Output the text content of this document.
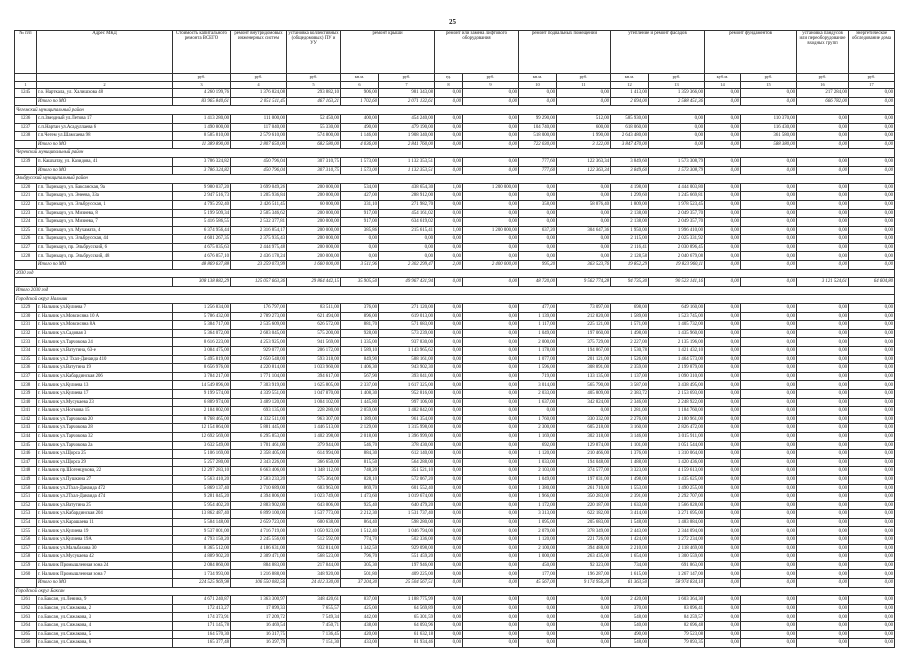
25
№ п/п	Адрес МКД	Стоимость капитального ремонта ВСЕГО	ремонт внутридомовых инженерных систем	установка коллективных (общедомовых) ПУ и УУ	ремонт крыши		ремонт или замена лифтового оборудования		ремонт подвальных помещений		утепление и ремонт фасадов		ремонт фундаментов		установка пандусов или переоборудование входных групп	энергетическое обследование дома
		руб.	руб.	руб.	кв.м.	руб.	ед.	руб.	кв.м.	руб.	кв.м.	руб.	куб.м.	руб.	руб.	руб.
1	2	3	4	5	6	7	8	9	10	11	12	13	14	15	16	17
1245	г.о. Нарткала, ул. Халишхова 48	4 260 199,76	1 376 824,08	293 882,10	906,00	981 343,08	0,00	0,00	0,00	0,00	1 413,00	1 359 366,00	0,00	0,00	217 284,00	0,00
	Итого по МО	83 965 840,61	2 051 511,45	467 163,21	1 702,60	2 071 132,61	0,00	0,00	0,00	0,00	2 694,00	2 588 451,36	0,00	0,00	666 782,00	0,00
Чегемский муниципальный район																
1236	с.п.Звездный ул.Летова 17	1 413 280,00	111 000,00	52 450,00	400,00	454 240,00	0,00	0,00	99 290,00	512,00	585 930,00	0,00	0,00	110 370,00	0,00	0,00
1237	с.п.Нартан ул.Асадуллаева 6	1 490 800,00	117 040,00	55 330,00	490,00	479 190,00	0,00	0,00	104 740,00	600,00	618 060,00	0,00	0,00	116 430,00	0,00	0,00
1238	г.п.Чегем ул.Шамсаева 98	8 585 810,00	2 579 610,00	574 800,00	1 146,00	1 908 340,00	0,00	0,00	518 000,00	1 990,00	2 643 480,00	0,00	0,00	361 580,00	0,00	0,00
	Итого по МО	11 389 890,00	2 807 650,00	682 580,00	4 036,00	2 841 760,00	0,00	0,00	722 030,00	3 122,00	3 847 470,00	0,00	0,00	588 380,00	0,00	0,00
Черекский муниципальный район																
1239	п. Кашхатау, ул. Казидова, 41	3 786 324,82	450 796,04	307 310,75	1 573,00	1 132 353,51	0,00	0,00	777,60	122 363,34	3 849,60	1 573 308,79	0,00	0,00	0,00	0,00
	Итого по МО	3 786 324,82	450 796,04	307 310,75	1 573,00	1 132 353,51	0,00	0,00	777,60	122 363,34	3 849,60	1 573 308,79	0,00	0,00	0,00	0,00
Эльбрусский муниципальный район																
1220	г.п. Тырныауз, ул. Баксанская, 9а	9 980 037,20	3 699 049,26	200 000,00	534,00	438 654,30	1,00	1 200 000,00	0,00	0,00	4 198,00	4 444 003,80	0,00	0,00	0,00	0,00
1221	г.п. Тырныауз, ул. Энеева, 33а	2 947 516,73	1 205 936,84	200 000,00	427,00	288 912,00	0,00	0,00	0,00	0,00	1 299,60	1 245 669,81	0,00	0,00	0,00	0,00
1222	г.п. Тырныауз, ул. Эльбрусская, 1	4 795 292,40	2 426 511,45	60 000,00	331,10	271 982,70	0,00	0,00	358,00	58 876,40	1 809,00	1 978 523,45	0,00	0,00	0,00	0,00
1223	г.п. Тырныауз, ул. Мизиева, 8	5 199 509,34	2 505 346,62	200 000,00	917,00	454 161,02	0,00	0,00	0,00	0,00	2 138,00	2 049 357,70	0,00	0,00	0,00	0,00
1224	г.п. Тырныауз, ул. Мизиева, 7	5 416 586,55	2 532 377,81	200 000,00	917,00	634 619,02	0,00	0,00	0,00	0,00	2 138,00	2 049 357,70	0,00	0,00	0,00	0,00
1225	г.п. Тырныауз, ул. Мухамата, 4	6 374 956,44	2 316 854,17	200 000,00	385,86	215 615,41	1,00	1 200 000,00	637,20	304 647,36	1 950,00	1 996 410,00	0,00	0,00	0,00	0,00
1226	г.п. Тырныауз, ул. Эльбрусская, 44	4 601 267,35	2 375 935,43	200 000,00	0,00	0,00	0,00	0,00	0,00	0,00	2 115,00	2 025 331,92	0,00	0,00	0,00	0,00
1227	г.п. Тырныауз, пр. Эльбрусский, 6	4 675 035,63	2 444 975,48	200 000,00	0,00	0,00	0,00	0,00	0,00	0,00	2 116,41	2 030 896,45	0,00	0,00	0,00	0,00
1228	г.п. Тырныауз, пр. Эльбрусский, 48	4 676 857,10	2 436 178,24	200 000,00	0,00	0,00	0,00	0,00	0,00	0,00	2 128,58	2 040 679,08	0,00	0,00	0,00	0,00
	Итого по МО	48 869 637,88	23 259 073,99	1 660 000,00	3 511,96	2 302 299,47	2,00	2 400 000,00	995,20	363 523,76	19 852,29	19 823 960,11	0,00	0,00	0,00	0,00
2030 год																
		308 138 882,29	125 057 663,36	29 864 442,15	35 905,50	49 967 431,94	0,00	0,00	48 720,00	9 562 774,28	94 735,30	90 523 141,16	0,00	0,00	3 121 524,61	64 604,80
Итого 2030 год																
Городской округ Нальчик																
1229	г. Нальчик ул.Кулиева 7	1 256 834,00	176 797,00	83 511,00	376,00	271 120,00	0,00	0,00	477,00	73 097,00	698,00	649 160,00	0,00	0,00	0,00	0,00
1230	г. Нальчик ул.Мовсисяна 10 А	5 786 432,00	2 789 273,00	621 494,00	896,00	619 013,00	0,00	0,00	1 139,00	212 820,00	1 589,00	1 523 745,00	0,00	0,00	0,00	0,00
1231	г. Нальчик ул.Мовсисяна 8А	5 384 717,00	2 535 609,00	626 572,00	881,70	571 683,00	0,00	0,00	1 117,00	225 121,00	1 571,00	1 405 732,00	0,00	0,00	0,00	0,00
1232	г. Нальчик ул.Садовая 3	5 364 072,00	2 683 045,00	575 200,00	928,00	573 239,00	0,00	0,00	1 049,00	197 060,00	1 498,00	1 435 960,00	0,00	0,00	0,00	0,00
1233	г. Нальчик ул.Тарчокова 24	8 616 223,00	4 253 925,00	941 569,00	1 335,00	937 830,00	0,00	0,00	2 000,00	375 729,00	2 227,00	2 135 196,00	0,00	0,00	0,00	0,00
1234	г. Нальчик ул.Ватутина, 63-е	3 084 475,00	929 077,00	206 172,00	1 589,10	1 143 965,62	0,00	0,00	1 178,00	194 867,00	1 530,78	1 421 432,10	0,00	0,00	0,00	0,00
1235	г. Нальчик ул.2 Тхал-Данаида 410	5 495 819,00	2 650 548,00	593 318,00	849,90	588 161,00	0,00	0,00	1 077,00	201 121,00	1 526,00	1 464 573,00	0,00	0,00	0,00	0,00
1236	г. Нальчик ул.Ватутина 19	8 656 976,00	4 220 814,00	1 033 960,00	1 406,30	943 902,30	0,00	0,00	1 596,00	308 891,00	2 359,00	2 199 879,00	0,00	0,00	0,00	0,00
1237	г. Нальчик ул.Кабардинская 206	3 784 217,00	1 771 104,00	394 617,00	567,90	393 041,00	0,00	0,00	719,00	133 135,00	1 137,00	1 090 310,00	0,00	0,00	0,00	0,00
1238	г. Нальчик ул.Кулиева 13	14 549 896,00	7 303 919,00	1 625 805,00	2 337,00	1 617 325,00	0,00	0,00	3 014,00	565 790,00	3 587,00	3 438 495,00	0,00	0,00	0,00	0,00
1239	г. Нальчик ул.Кулиева 17	9 199 574,00	4 339 551,00	1 047 870,00	1 408,30	952 816,00	0,00	0,00	2 033,00	405 809,00	2 383,72	2 153 693,00	0,00	0,00	0,00	0,00
1240	г. Нальчик ул.Мусукаева 23	6 889 974,00	3 489 120,00	1 004 102,00	1 445,80	997 106,00	0,00	0,00	1 637,00	342 824,00	2 346,00	2 248 922,00	0,00	0,00	0,00	0,00
1241	г. Нальчик ул.Ногмова 15	2 184 802,00	693 135,00	228 280,00	2 059,00	1 482 842,00	0,00	0,00	0,00	0,00	1 281,00	1 184 760,00	0,00	0,00	0,00	0,00
1242	г. Нальчик ул.Тарчокова 20	8 768 465,00	4 332 511,00	963 307,00	1 389,00	961 354,00	0,00	0,00	1 760,00	330 332,00	2 276,00	2 180 961,00	0,00	0,00	0,00	0,00
1243	г. Нальчик ул.Тарчокова 28	12 154 864,00	5 881 445,00	1 446 513,00	2 129,00	1 315 998,00	0,00	0,00	2 300,00	605 218,00	3 160,00	2 826 472,00	0,00	0,00	0,00	0,00
1244	г. Нальчик ул.Тарчокова 32	12 692 569,00	6 295 853,00	1 402 398,00	2 018,00	1 396 999,00	0,00	0,00	1 169,00	302 318,00	3 146,00	3 015 911,00	0,00	0,00	0,00	0,00
1245	г. Нальчик ул.Тарчокова 2а	3 632 549,00	1 701 461,00	379 944,00	546,70	378 430,00	0,00	0,00	692,00	129 874,00	1 101,00	1 051 544,00	0,00	0,00	0,00	0,00
1246	г. Нальчик ул.Щорса 25	5 106 169,00	2 358 405,00	614 994,00	884,30	612 140,00	0,00	0,00	1 120,00	210 466,00	1 376,00	1 310 064,00	0,00	0,00	0,00	0,00
1247	г. Нальчик ул.Щорса 29	5 257 280,00	2 343 226,00	366 650,00	815,50	564 288,00	0,00	0,00	1 033,00	194 048,00	1 488,00	1 420 436,00	0,00	0,00	0,00	0,00
1248	г. Нальчик пр.Шогенцукова, 22	12 297 283,10	6 663 406,00	1 348 112,00	748,20	351 521,10	0,00	0,00	2 103,00	374 577,00	3 323,00	4 159 613,00	0,00	0,00	0,00	0,00
1249	г. Нальчик ул.Пушкина 27	5 563 410,20	2 583 233,20	575 364,00	828,10	572 067,20	0,00	0,00	1 049,00	197 031,00	1 498,00	1 435 625,00	0,00	0,00	0,00	0,00
1250	г. Нальчик ул.2Тхал-Данаида 472	5 869 137,40	2 710 689,00	603 963,00	869,70	601 552,40	0,00	0,00	1 380,00	261 710,00	1 553,00	1 490 255,00	0,00	0,00	0,00	0,00
1251	г. Нальчик ул.2Тхал-Данаида 474	9 281 045,20	4 394 806,00	1 023 749,00	1 473,60	1 019 674,00	0,00	0,00	1 966,00	350 283,00	2 391,00	2 292 707,00	0,00	0,00	0,00	0,00
1252	г. Нальчик ул.Ватутина 25	5 954 402,20	2 883 902,00	643 006,00	925,40	640 479,20	0,00	0,00	1 172,00	220 187,00	1 633,00	1 566 828,00	0,00	0,00	0,00	0,00
1253	г. Нальчик ул.Кабардинская 204	13 862 487,40	6 899 100,00	1 537 773,00	2 212,30	1 531 737,40	0,00	0,00	3 313,00	622 182,00	3 414,00	3 271 695,00	0,00	0,00	0,00	0,00
1254	г. Нальчик ул.Карашаева 11	5 584 148,00	2 659 723,00	600 638,00	864,40	598 280,00	0,00	0,00	1 095,00	205 683,00	1 548,00	1 483 884,00	0,00	0,00	0,00	0,00
1255	г. Нальчик ул.Кулиева 19	9 537 001,00	4 716 719,00	1 050 923,00	1 512,40	1 046 794,00	0,00	0,00	2 079,00	378 349,00	2 443,00	2 344 094,00	0,00	0,00	0,00	0,00
1256	г. Нальчик ул.Кулиева 19А	4 793 150,20	2 245 556,00	512 592,00	774,70	502 336,00	0,00	0,00	1 120,00	221 726,00	1 424,00	1 272 234,00	0,00	0,00	0,00	0,00
1257	г. Нальчик ул.Мальбахова 30	8 365 512,00	4 186 631,00	932 814,00	1 342,50	929 098,00	0,00	0,00	2 100,00	394 488,00	2 210,00	2 118 469,00	0,00	0,00	0,00	0,00
1258	г. Нальчик ул.Мусукаева 42	4 889 902,20	2 309 471,00	568 523,00	796,70	551 459,20	0,00	0,00	1 000,00	263 435,00	1 654,00	1 300 559,00	0,00	0,00	0,00	0,00
1259	г. Нальчик Промышленная зона 24	2 084 860,00	884 883,00	217 844,00	305,30	197 946,00	0,00	0,00	450,00	92 323,00	734,00	691 863,00	0,00	0,00	0,00	0,00
1260	г. Нальчик Промышленная зона 7	1 734 993,00	1 216 888,00	348 920,00	501,80	409 225,00	0,00	0,00	177,00	196 287,00	1 615,00	1 267 147,00	0,00	0,00	0,00	0,00
	Итого по МО	224 525 969,98	106 550 082,56	24 412 330,00	37 204,30	25 504 567,51	0,00	0,00	45 567,00	9 174 956,20	61 363,50	58 974 834,10	0,00	0,00	0,00	0,00
Городской округ Баксан																
1261	г.о.Баксан, ул.Ленина, 9	4 671 240,87	1 363 300,97	348 420,61	837,00	1 188 775,99	0,00	0,00	0,00	0,00	2 420,00	1 603 364,30	0,00	0,00	0,00	0,00
1262	г.о.Баксан, ул.Сижакова, 2	172 413,27	17 099,33	7 655,57	425,00	64 569,89	0,00	0,00	0,00	0,00	370,00	83 096,41	0,00	0,00	0,00	0,00
1263	г.о.Баксан, ул.Сижакова, 3	174 373,91	17 209,72	7 549,34	442,00	65 301,59	0,00	0,00	0,00	0,00	548,00	84 259,57	0,00	0,00	0,00	0,00
1264	г.о.Баксан, ул.Сижакова, 4	171 145,78	16 469,54	7 450,71	438,00	64 093,96	0,00	0,00	0,00	0,00	540,00	82 696,48	0,00	0,00	0,00	0,00
1265	г.о.Баксан, ул.Сижакова, 5	164 570,30	16 317,75	7 136,45	420,00	61 632,18	0,00	0,00	0,00	0,00	490,00	79 523,08	0,00	0,00	0,00	0,00
1266	г.о.Баксан, ул.Сижакова, 6	165 377,48	16 397,79	7 151,30	433,00	61 934,46	0,00	0,00	0,00	0,00	548,00	79 893,35	0,00	0,00	0,00	0,00
